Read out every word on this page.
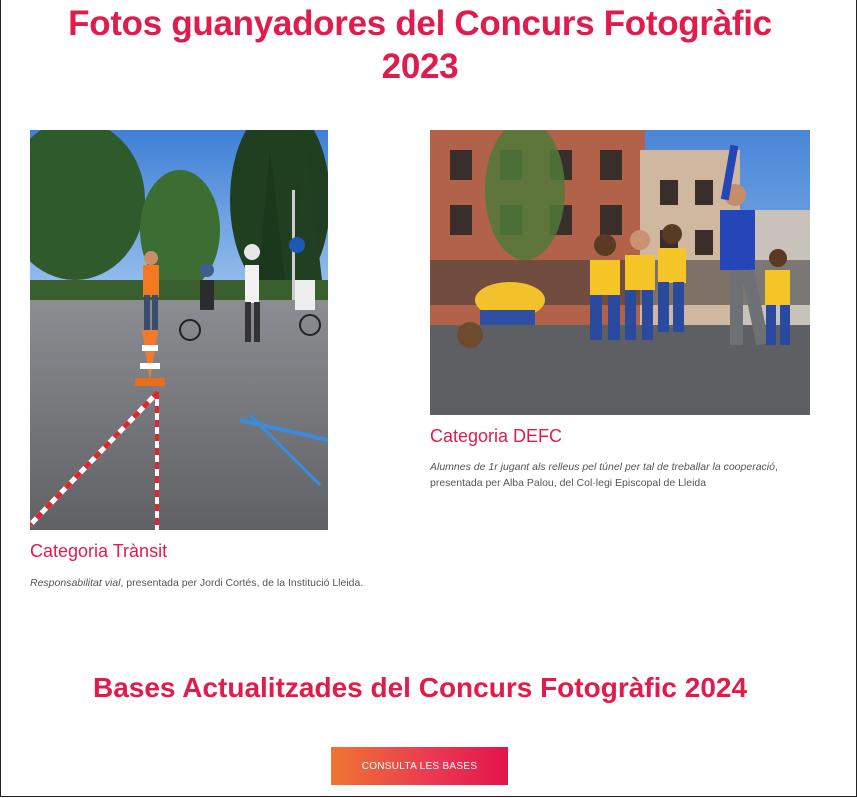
Fotos guanyadores del Concurs Fotogràfic 2023
Categoria Trànsit

Responsabilitat vial, presentada per Jordi Cortés, de la Institució Lleida.

Categoria DEFC

Alumnes de 1r jugant als relleus pel túnel per tal de treballar la cooperació, presentada per Alba Palou, del Col·legi Episcopal de Lleida

Bases Actualitzades del Concurs Fotogràfic 2024
CONSULTA LES BASES
